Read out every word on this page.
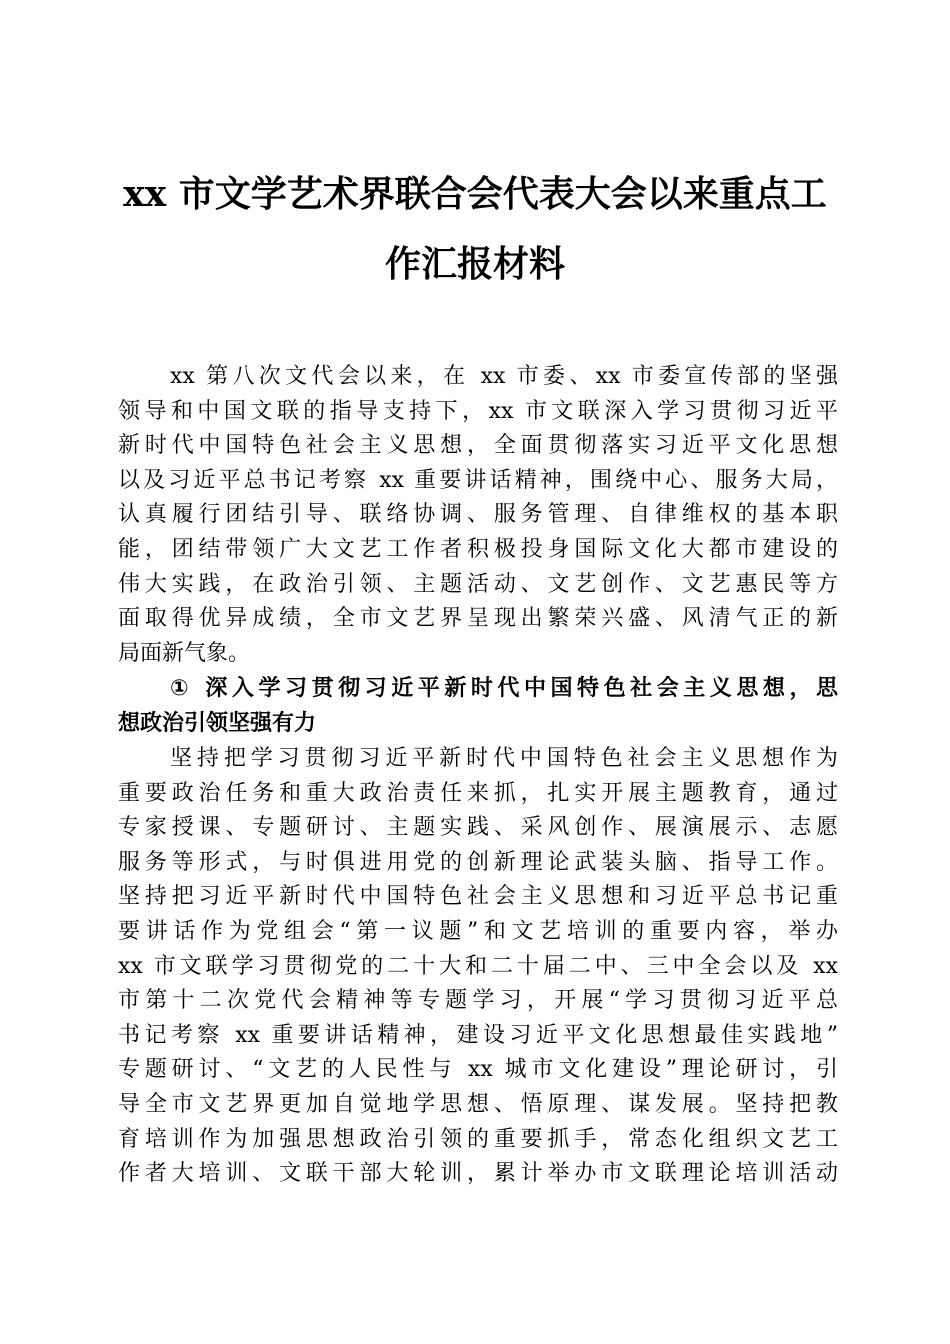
xx 市文学艺术界联合会代表大会以来重点工
作汇报材料
xx 第八次文代会以来，在 xx 市委、xx 市委宣传部的坚强
领导和中国文联的指导支持下，xx 市文联深入学习贯彻习近平
新时代中国特色社会主义思想，全面贯彻落实习近平文化思想
以及习近平总书记考察 xx 重要讲话精神，围绕中心、服务大局，
认真履行团结引导、联络协调、服务管理、自律维权的基本职
能，团结带领广大文艺工作者积极投身国际文化大都市建设的
伟大实践，在政治引领、主题活动、文艺创作、文艺惠民等方
面取得优异成绩，全市文艺界呈现出繁荣兴盛、风清气正的新
局面新气象。
① 深入学习贯彻习近平新时代中国特色社会主义思想，思
想政治引领坚强有力
坚持把学习贯彻习近平新时代中国特色社会主义思想作为
重要政治任务和重大政治责任来抓，扎实开展主题教育，通过
专家授课、专题研讨、主题实践、采风创作、展演展示、志愿
服务等形式，与时俱进用党的创新理论武装头脑、指导工作。
坚持把习近平新时代中国特色社会主义思想和习近平总书记重
要讲话作为党组会“第一议题”和文艺培训的重要内容，举办
xx 市文联学习贯彻党的二十大和二十届二中、三中全会以及 xx
市第十二次党代会精神等专题学习，开展“学习贯彻习近平总
书记考察 xx 重要讲话精神，建设习近平文化思想最佳实践地”
专题研讨、“文艺的人民性与 xx 城市文化建设”理论研讨，引
导全市文艺界更加自觉地学思想、悟原理、谋发展。坚持把教
育培训作为加强思想政治引领的重要抓手，常态化组织文艺工
作者大培训、文联干部大轮训，累计举办市文联理论培训活动
